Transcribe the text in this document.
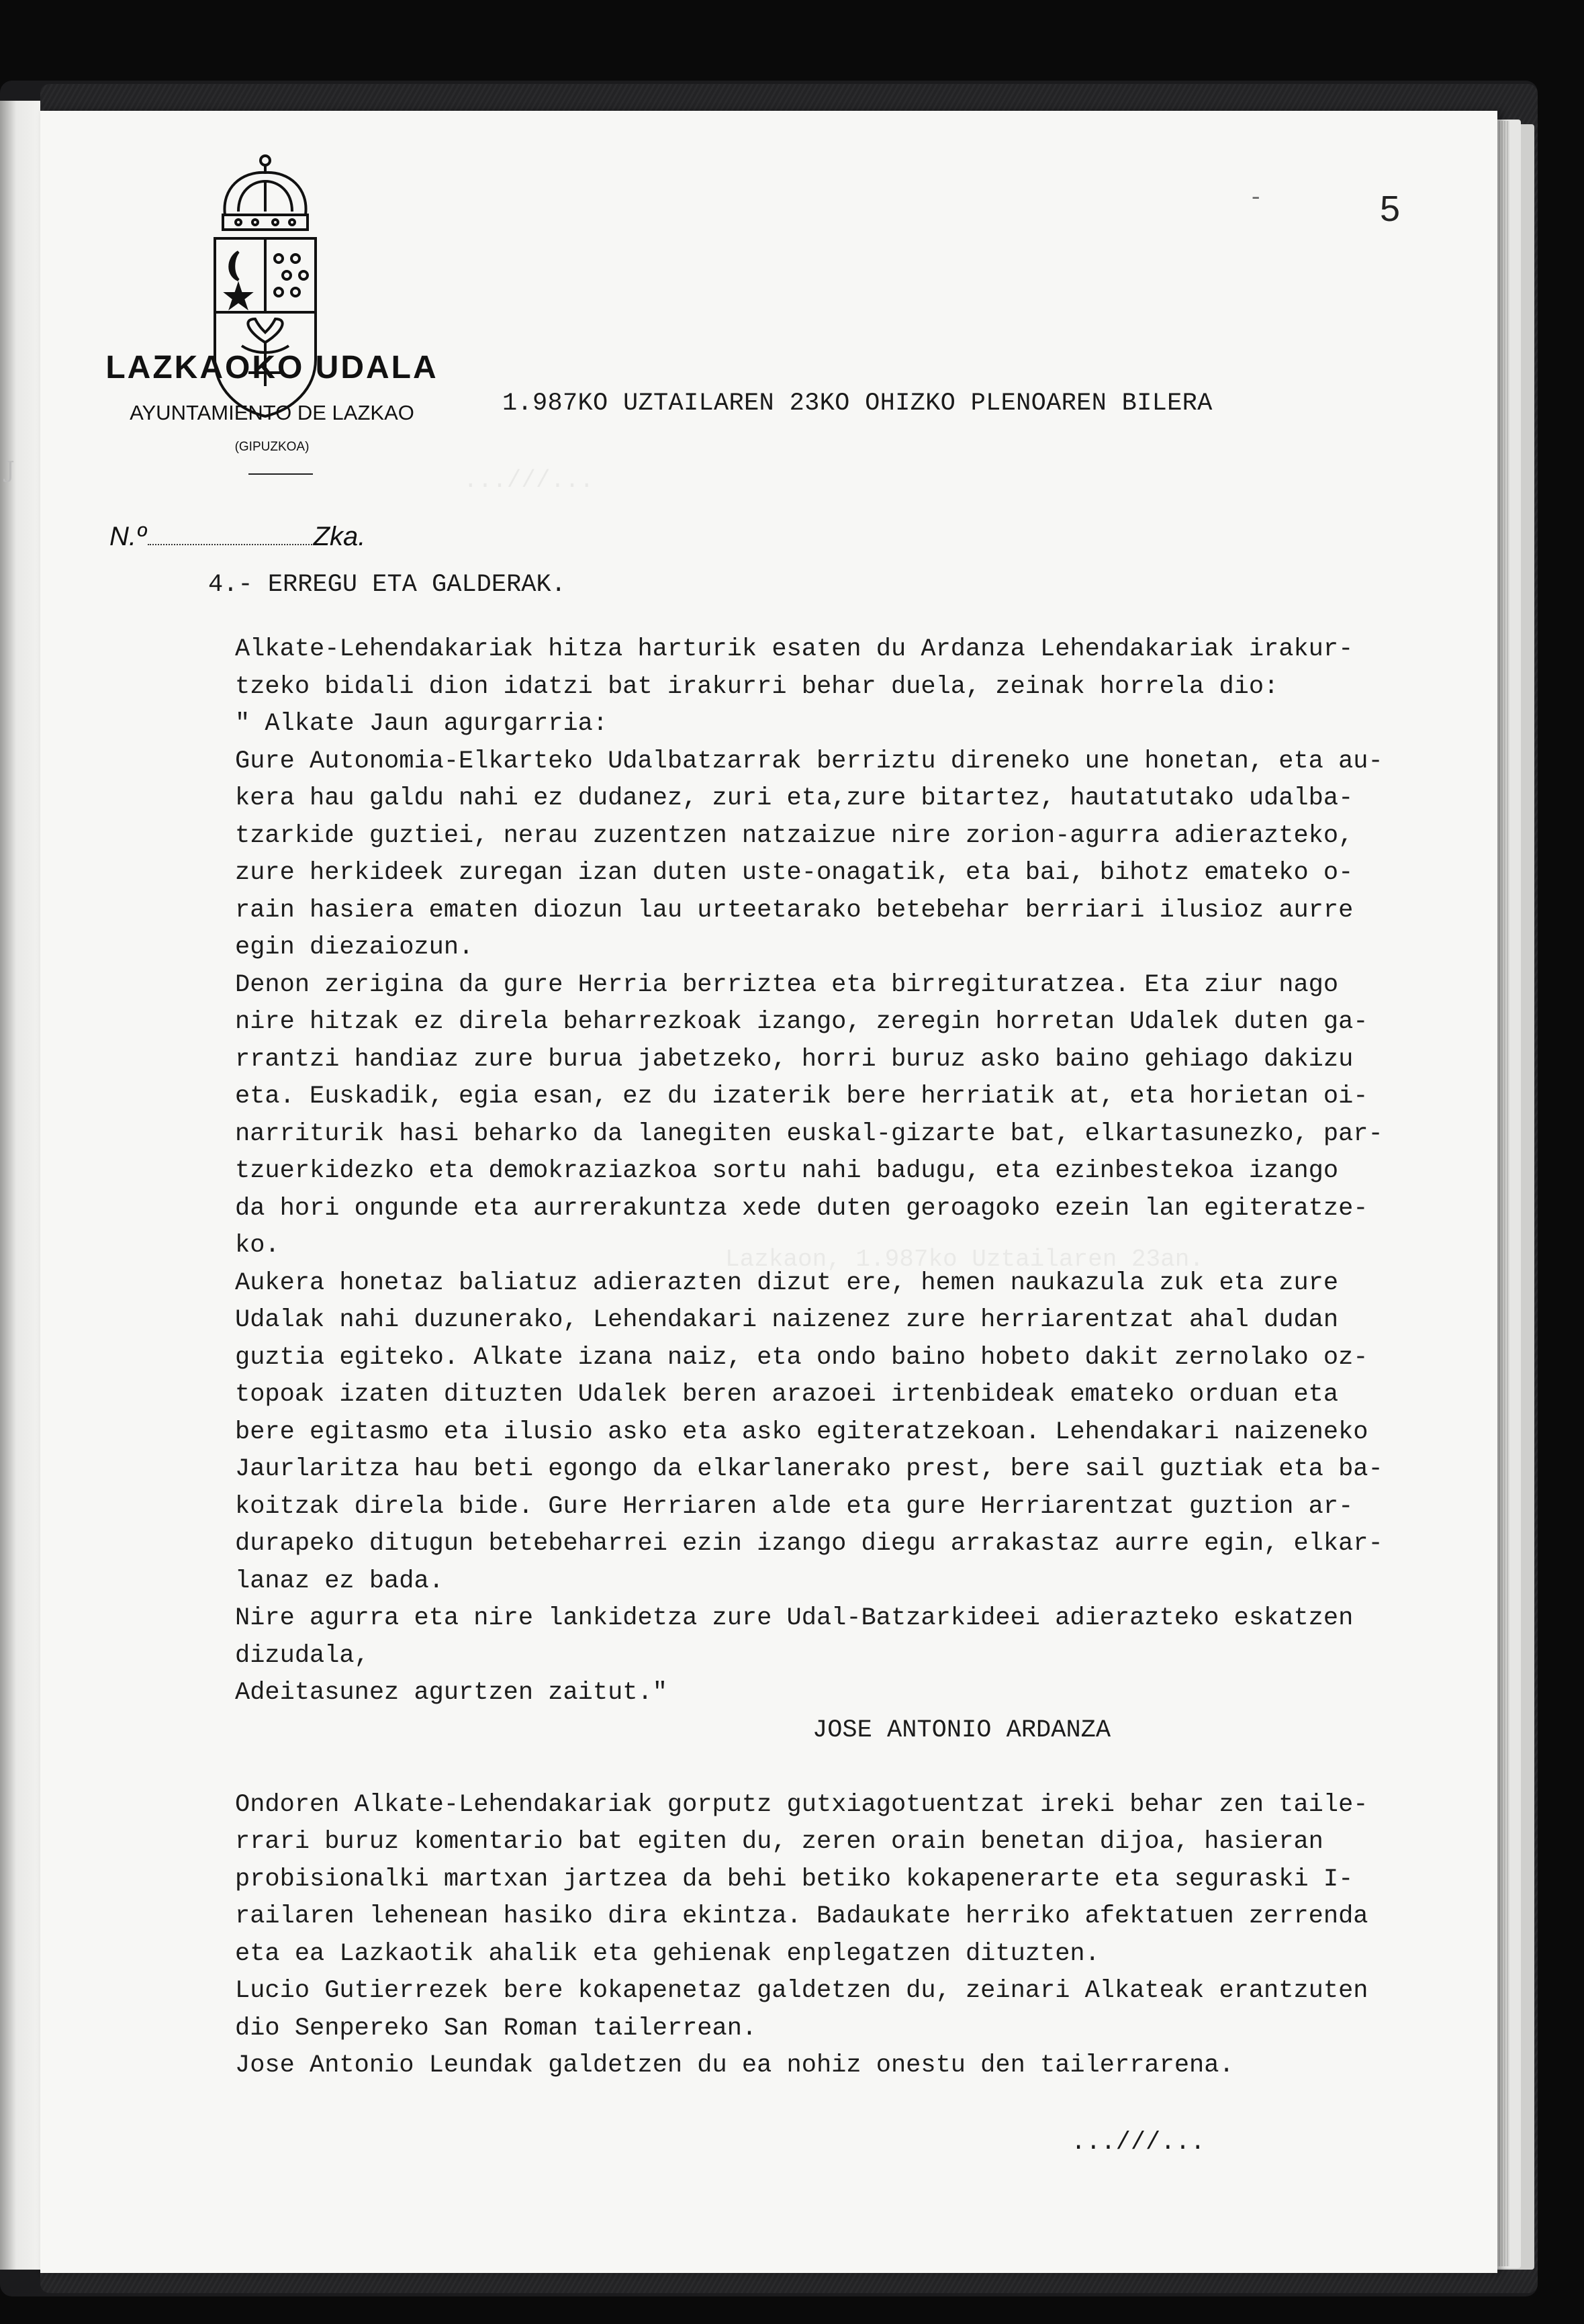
J	...///...
Lazkaon, 1.987ko Uztailaren 23an.
LAZKAOKO UDALA
AYUNTAMIENTO DE LAZKAO
(GIPUZKOA)
-	5
1.987KO UZTAILAREN 23KO OHIZKO PLENOAREN BILERA
N.º	Zka.
4.- ERREGU ETA GALDERAK.
Alkate-Lehendakariak hitza harturik esaten du Ardanza Lehendakariak irakur-
tzeko bidali dion idatzi bat irakurri behar duela, zeinak horrela dio:
" Alkate Jaun agurgarria:
Gure Autonomia-Elkarteko Udalbatzarrak berriztu direneko une honetan, eta au-
kera hau galdu nahi ez dudanez, zuri eta,zure bitartez, hautatutako udalba-
tzarkide guztiei, nerau zuzentzen natzaizue nire zorion-agurra adierazteko,
zure herkideek zuregan izan duten uste-onagatik, eta bai, bihotz emateko o-
rain hasiera ematen diozun lau urteetarako betebehar berriari ilusioz aurre
egin diezaiozun.
Denon zerigina da gure Herria berriztea eta birregituratzea. Eta ziur nago
nire hitzak ez direla beharrezkoak izango, zeregin horretan Udalek duten ga-
rrantzi handiaz zure burua jabetzeko, horri buruz asko baino gehiago dakizu
eta. Euskadik, egia esan, ez du izaterik bere herriatik at, eta horietan oi-
narriturik hasi beharko da lanegiten euskal-gizarte bat, elkartasunezko, par-
tzuerkidezko eta demokraziazkoa sortu nahi badugu, eta ezinbestekoa izango
da hori ongunde eta aurrerakuntza xede duten geroagoko ezein lan egiteratze-
ko.
Aukera honetaz baliatuz adierazten dizut ere, hemen naukazula zuk eta zure
Udalak nahi duzunerako, Lehendakari naizenez zure herriarentzat ahal dudan
guztia egiteko. Alkate izana naiz, eta ondo baino hobeto dakit zernolako oz-
topoak izaten dituzten Udalek beren arazoei irtenbideak emateko orduan eta
bere egitasmo eta ilusio asko eta asko egiteratzekoan. Lehendakari naizeneko
Jaurlaritza hau beti egongo da elkarlanerako prest, bere sail guztiak eta ba-
koitzak direla bide. Gure Herriaren alde eta gure Herriarentzat guztion ar-
durapeko ditugun betebeharrei ezin izango diegu arrakastaz aurre egin, elkar-
lanaz ez bada.
Nire agurra eta nire lankidetza zure Udal-Batzarkideei adierazteko eskatzen
dizudala,
Adeitasunez agurtzen zaitut."
JOSE ANTONIO ARDANZA
Ondoren Alkate-Lehendakariak gorputz gutxiagotuentzat ireki behar zen taile-
rrari buruz komentario bat egiten du, zeren orain benetan dijoa, hasieran
probisionalki martxan jartzea da behi betiko kokapenerarte eta seguraski I-
railaren lehenean hasiko dira ekintza. Badaukate herriko afektatuen zerrenda
eta ea Lazkaotik ahalik eta gehienak enplegatzen dituzten.
Lucio Gutierrezek bere kokapenetaz galdetzen du, zeinari Alkateak erantzuten
dio Senpereko San Roman tailerrean.
Jose Antonio Leundak galdetzen du ea nohiz onestu den tailerrarena.
...///...
